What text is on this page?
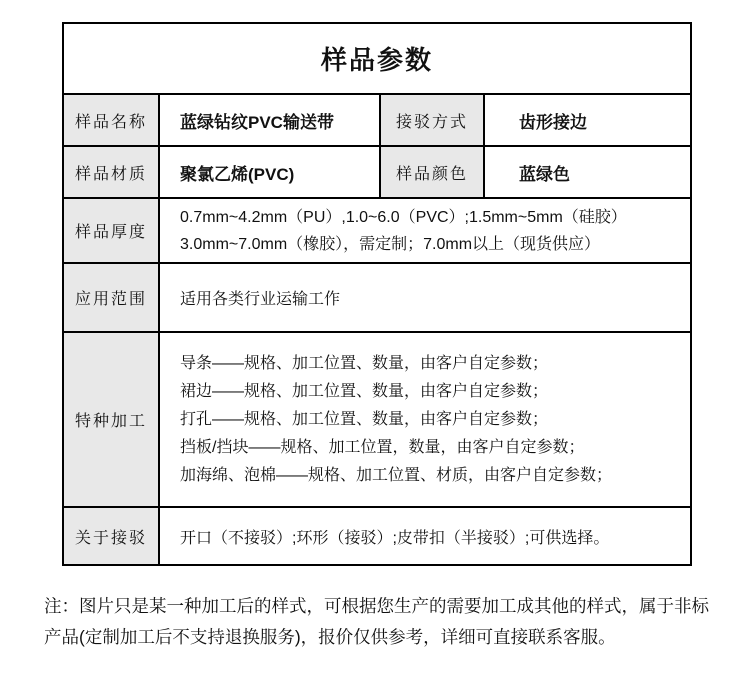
样品参数			
样品名称	蓝绿钻纹PVC输送带	接驳方式	齿形接边
样品材质	聚氯乙烯(PVC)	样品颜色	蓝绿色
样品厚度	0.7mm~4.2mm（PU）,1.0~6.0（PVC）;1.5mm~5mm（硅胶）
3.0mm~7.0mm（橡胶），需定制；7.0mm以上（现货供应）		

应用范围	适用各类行业运输工作		
特种加工	导条——规格、加工位置、数量，由客户自定参数；
裙边——规格、加工位置、数量，由客户自定参数；
打孔——规格、加工位置、数量，由客户自定参数；
挡板/挡块——规格、加工位置，数量，由客户自定参数；
加海绵、泡棉——规格、加工位置、材质，由客户自定参数；		

关于接驳	开口（不接驳）;环形（接驳）;皮带扣（半接驳）;可供选择。		
注：图片只是某一种加工后的样式，可根据您生产的需要加工成其他的样式，属于非标
产品(定制加工后不支持退换服务)，报价仅供参考，详细可直接联系客服。
